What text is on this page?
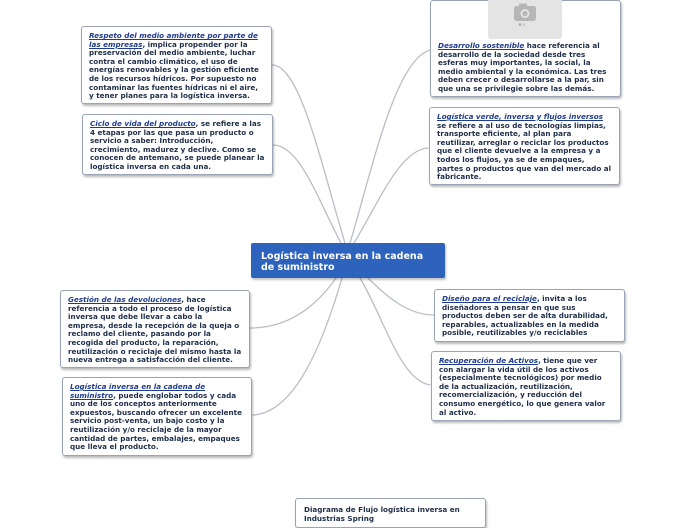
Respeto del medio ambiente por parte de las empresas, implica propender por la preservación del medio ambiente, luchar contra el cambio climático, el uso de energías renovables y la gestión eficiente de los recursos hídricos. Por supuesto no contaminar las fuentes hídricas ni el aire, y tener planes para la logística inversa.
Ciclo de vida del producto, se refiere a las 4 etapas por las que pasa un producto o servicio a saber: Introducción, crecimiento, madurez y declive. Como se conocen de antemano, se puede planear la logística inversa en cada una.
Gestión de las devoluciones, hace referencia a todo el proceso de logística inversa que debe llevar a cabo la empresa, desde la recepción de la queja o reclamo del cliente, pasando por la recogida del producto, la reparación, reutilización o reciclaje del mismo hasta la nueva entrega a satisfacción del cliente.
Logística inversa en la cadena de suministro, puede englobar todos y cada uno de los conceptos anteriormente expuestos, buscando ofrecer un excelente servicio post-venta, un bajo costo y la reutilización y/o reciclaje de la mayor cantidad de partes, embalajes, empaques que lleva el producto.
Desarrollo sostenible hace referencia al desarrollo de la sociedad desde tres esferas muy importantes, la social, la medio ambiental y la económica. Las tres deben crecer o desarrollarse a la par, sin que una se privilegie sobre las demás.
Logística verde, inversa y flujos inversos se refiere a al uso de tecnologías limpias, transporte eficiente, al plan para reutilizar, arreglar o reciclar los productos que el cliente devuelve a la empresa y a todos los flujos, ya se de empaques, partes o productos que van del mercado al fabricante.
Diseño para el reciclaje, invita a los diseñadores a pensar en que sus productos deben ser de alta durabilidad, reparables, actualizables en la medida posible, reutilizables y/o reciclables
Recuperación de Activos, tiene que ver con alargar la vida útil de los activos (especialmente tecnológicos) por medio de la actualización, reutilización, recomercialización, y reducción del consumo energético, lo que genera valor al activo.
Logística inversa en la cadena de suministro
Diagrama de Flujo logística inversa en Industrias Spring
